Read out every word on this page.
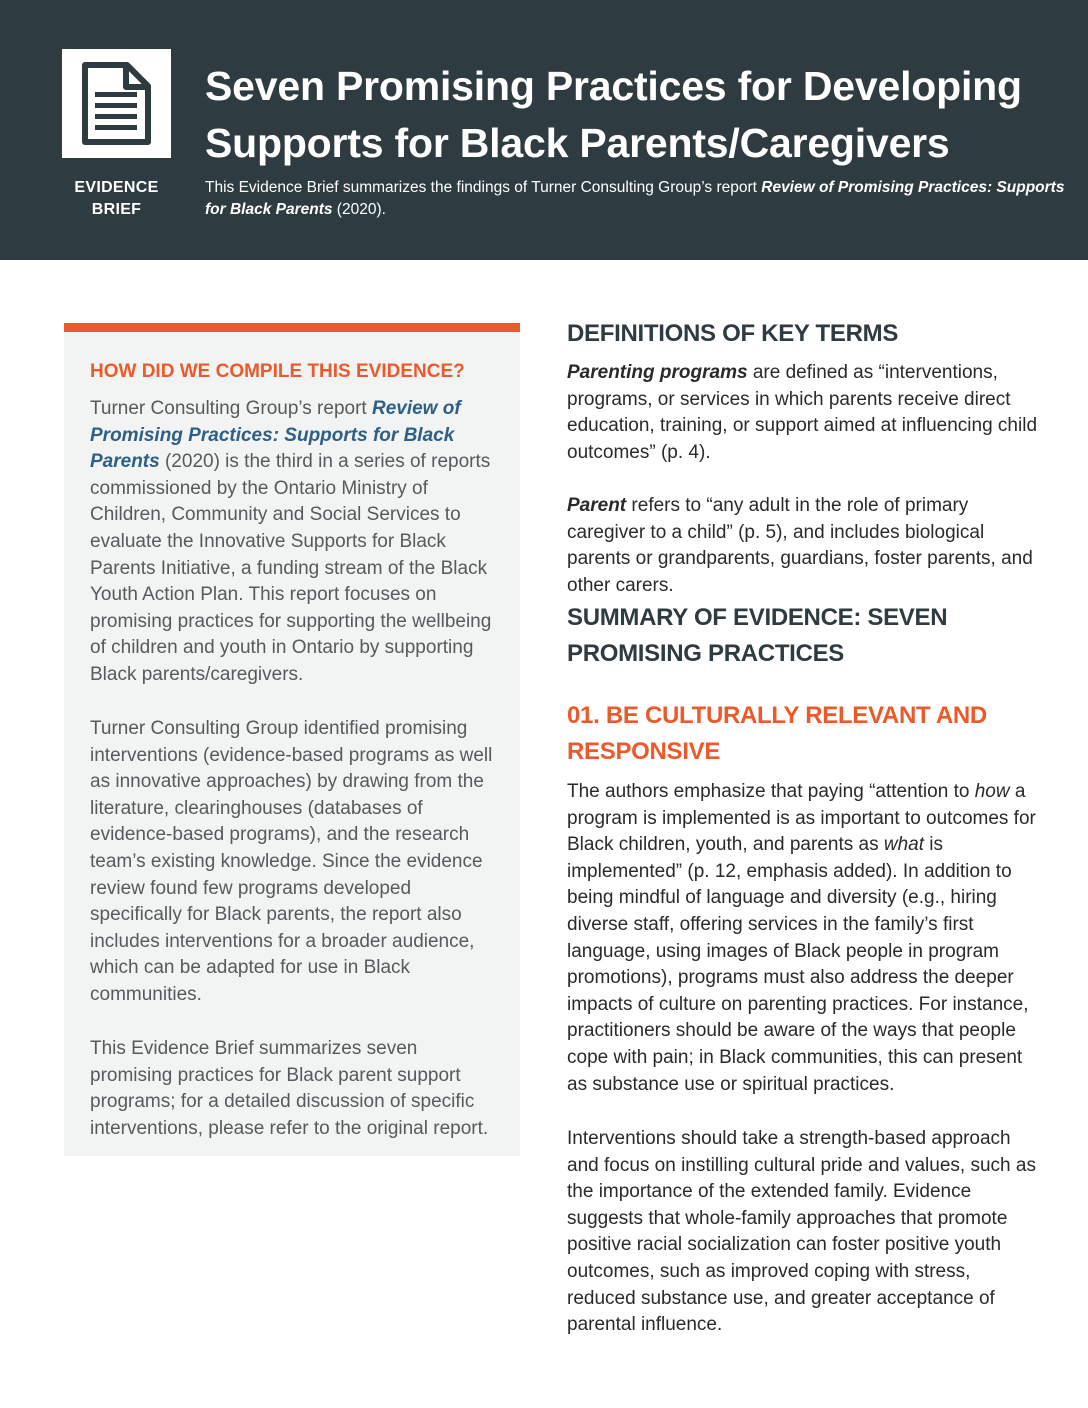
EVIDENCE BRIEF
Seven Promising Practices for Developing Supports for Black Parents/Caregivers
This Evidence Brief summarizes the findings of Turner Consulting Group’s report Review of Promising Practices: Supports for Black Parents (2020).
HOW DID WE COMPILE THIS EVIDENCE?

Turner Consulting Group’s report Review of Promising Practices: Supports for Black Parents (2020) is the third in a series of reports commissioned by the Ontario Ministry of Children, Community and Social Services to evaluate the Innovative Supports for Black Parents Initiative, a funding stream of the Black Youth Action Plan. This report focuses on promising practices for supporting the wellbeing of children and youth in Ontario by supporting Black parents/caregivers.

Turner Consulting Group identified promising interventions (evidence-based programs as well as innovative approaches) by drawing from the literature, clearinghouses (databases of evidence-based programs), and the research team’s existing knowledge. Since the evidence review found few programs developed specifically for Black parents, the report also includes interventions for a broader audience, which can be adapted for use in Black communities.

This Evidence Brief summarizes seven promising practices for Black parent support programs; for a detailed discussion of specific interventions, please refer to the original report.

DEFINITIONS OF KEY TERMS

Parenting programs are defined as “interventions, programs, or services in which parents receive direct education, training, or support aimed at influencing child outcomes” (p. 4).

Parent refers to “any adult in the role of primary caregiver to a child” (p. 5), and includes biological parents or grandparents, guardians, foster parents, and other carers.

SUMMARY OF EVIDENCE: SEVEN PROMISING PRACTICES
01. BE CULTURALLY RELEVANT AND RESPONSIVE

The authors emphasize that paying “attention to how a program is implemented is as important to outcomes for Black children, youth, and parents as what is implemented” (p. 12, emphasis added). In addition to being mindful of language and diversity (e.g., hiring diverse staff, offering services in the family’s first language, using images of Black people in program promotions), programs must also address the deeper impacts of culture on parenting practices. For instance, practitioners should be aware of the ways that people cope with pain; in Black communities, this can present as substance use or spiritual practices.

Interventions should take a strength-based approach and focus on instilling cultural pride and values, such as the importance of the extended family. Evidence suggests that whole-family approaches that promote positive racial socialization can foster positive youth outcomes, such as improved coping with stress, reduced substance use, and greater acceptance of parental influence.
